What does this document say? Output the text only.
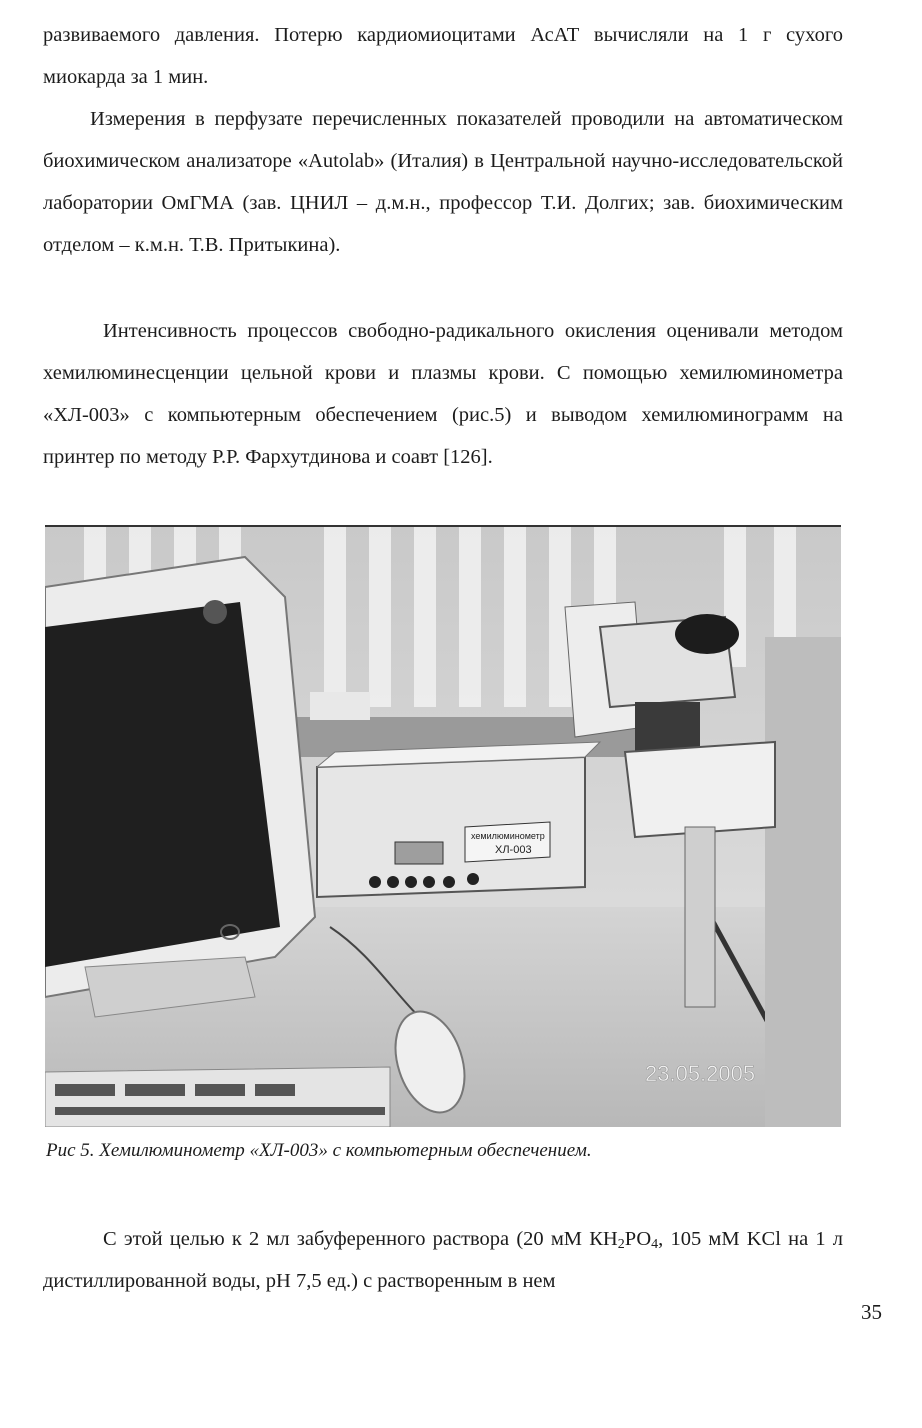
развиваемого давления. Потерю кардиомиоцитами АсАТ вычисляли на 1 г сухого миокарда за 1 мин.

Измерения в перфузате перечисленных показателей проводили на автоматическом биохимическом анализаторе «Autolab» (Италия) в Центральной научно-исследовательской лаборатории ОмГМА (зав. ЦНИЛ – д.м.н., профессор Т.И. Долгих; зав. биохимическим отделом – к.м.н. Т.В. Притыкина).

Интенсивность процессов свободно-радикального окисления оценивали методом хемилюминесценции цельной крови и плазмы крови. С помощью хемилюминометра «ХЛ-003» с компьютерным обеспечением (рис.5) и выводом хемилюминограмм на принтер по методу Р.Р. Фархутдинова и соавт [126].

хемилюминометр
ХЛ-003
23.05.2005

Рис 5. Хемилюминометр «ХЛ-003» с компьютерным обеспечением.

С этой целью к 2 мл забуференного раствора (20 мМ $КН_2РО_4$, 105 мМ KCl на 1 л дистиллированной воды, рН 7,5 ед.) с растворенным в нем

35
